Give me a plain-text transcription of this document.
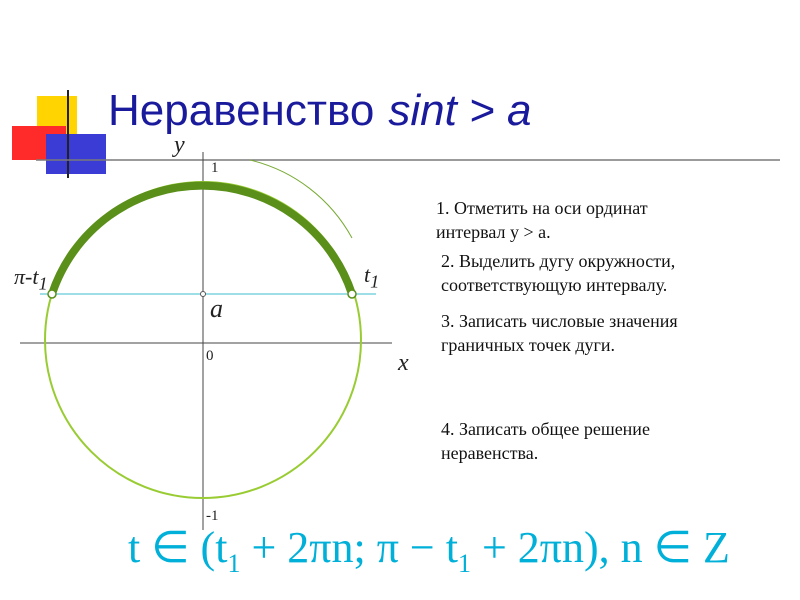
Неравенство sint > a
y
1
0
-1
x
a
$t_1$
$\pi-t_1$

1. Отметить на оси ординат
интервал y > a.

2. Выделить дугу окружности,
соответствующую интервалу.

3. Записать числовые значения
граничных точек дуги.

4. Записать общее решение
неравенства.

t ∈ ($t_1 + 2\pi n$; $\pi - t_1 + 2\pi n$), n ∈ Z
